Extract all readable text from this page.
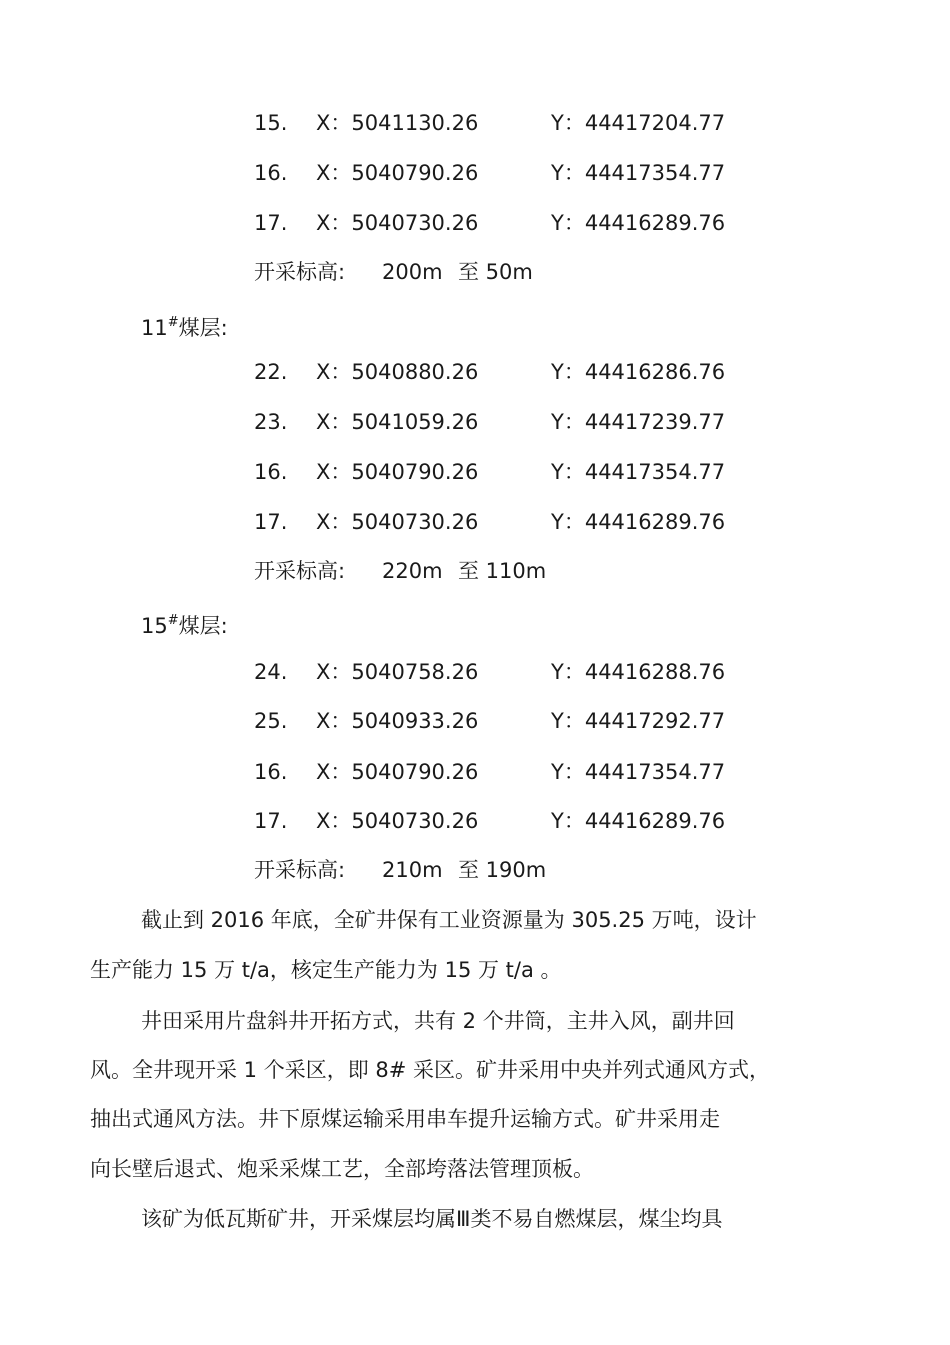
15. X：5041130.26	Y：44417204.77
16. X：5040790.26	Y：44417354.77
17. X：5040730.26	Y：44416289.76
开采标高: 200m 至 50m
11#煤层:
22. X：5040880.26	Y：44416286.76
23. X：5041059.26	Y：44417239.77
16. X：5040790.26	Y：44417354.77
17. X：5040730.26	Y：44416289.76
开采标高: 220m 至 110m
15#煤层:
24. X：5040758.26	Y：44416288.76
25. X：5040933.26	Y：44417292.77
16. X：5040790.26	Y：44417354.77
17. X：5040730.26	Y：44416289.76
开采标高: 210m 至 190m
截止到 2016 年底，全矿井保有工业资源量为 305.25 万吨，设计
生产能力 15 万 t/a，核定生产能力为 15 万 t/a 。
井田采用片盘斜井开拓方式，共有 2 个井筒，主井入风，副井回
风。全井现开采 1 个采区，即 8# 采区。矿井采用中央并列式通风方式，
抽出式通风方法。井下原煤运输采用串车提升运输方式。矿井采用走
向长壁后退式、炮采采煤工艺，全部垮落法管理顶板。
该矿为低瓦斯矿井，开采煤层均属Ⅲ类不易自燃煤层，煤尘均具
